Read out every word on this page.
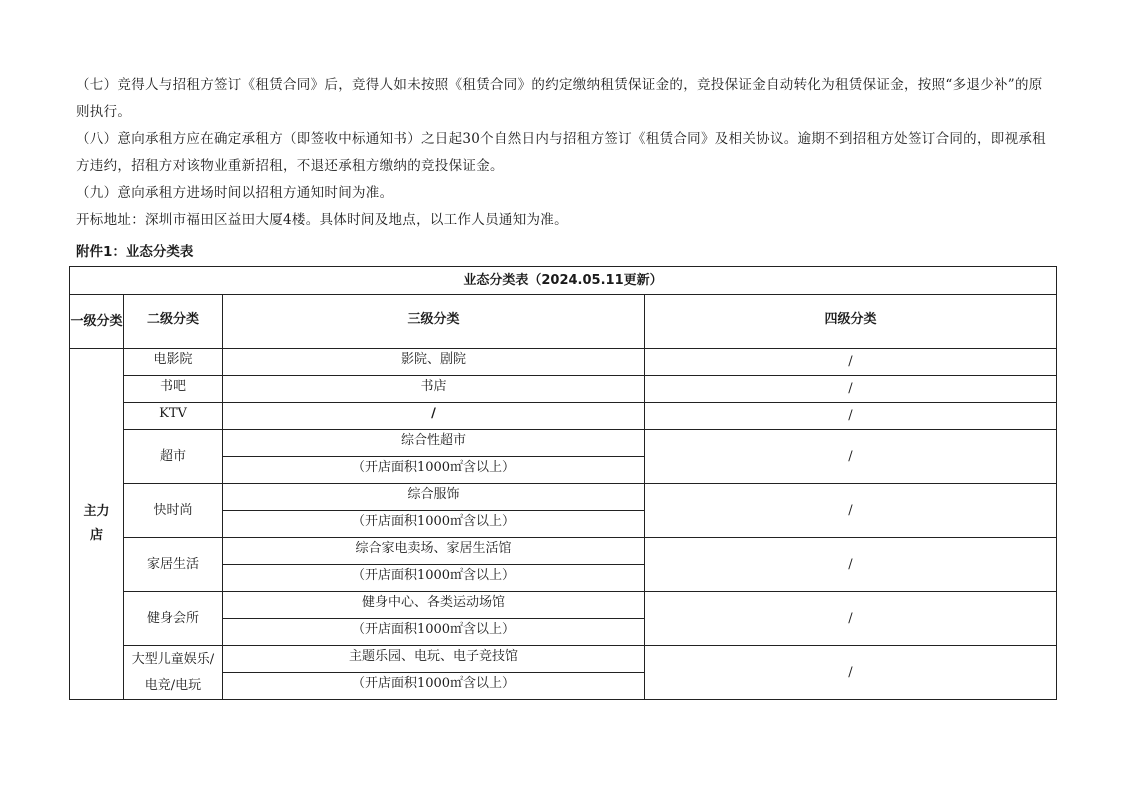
（七）竞得人与招租方签订《租赁合同》后，竞得人如未按照《租赁合同》的约定缴纳租赁保证金的，竞投保证金自动转化为租赁保证金，按照“多退少补”的原则执行。

（八）意向承租方应在确定承租方（即签收中标通知书）之日起30个自然日内与招租方签订《租赁合同》及相关协议。逾期不到招租方处签订合同的，即视承租方违约，招租方对该物业重新招租，不退还承租方缴纳的竞投保证金。

（九）意向承租方进场时间以招租方通知时间为准。

开标地址：深圳市福田区益田大厦4楼。具体时间及地点，以工作人员通知为准。

附件1：业态分类表
业态分类表（2024.05.11更新）			
一级分类	二级分类	三级分类	四级分类
主力店	电影院	影院、剧院	/
	书吧	书店	/
	KTV	/	/
	超市	综合性超市	/
		（开店面积1000㎡含以上）	
	快时尚	综合服饰	/
		（开店面积1000㎡含以上）	
	家居生活	综合家电卖场、家居生活馆	/
		（开店面积1000㎡含以上）	
	健身会所	健身中心、各类运动场馆	/
		（开店面积1000㎡含以上）	
	大型儿童娱乐/电竞/电玩	主题乐园、电玩、电子竞技馆	/
		（开店面积1000㎡含以上）	
